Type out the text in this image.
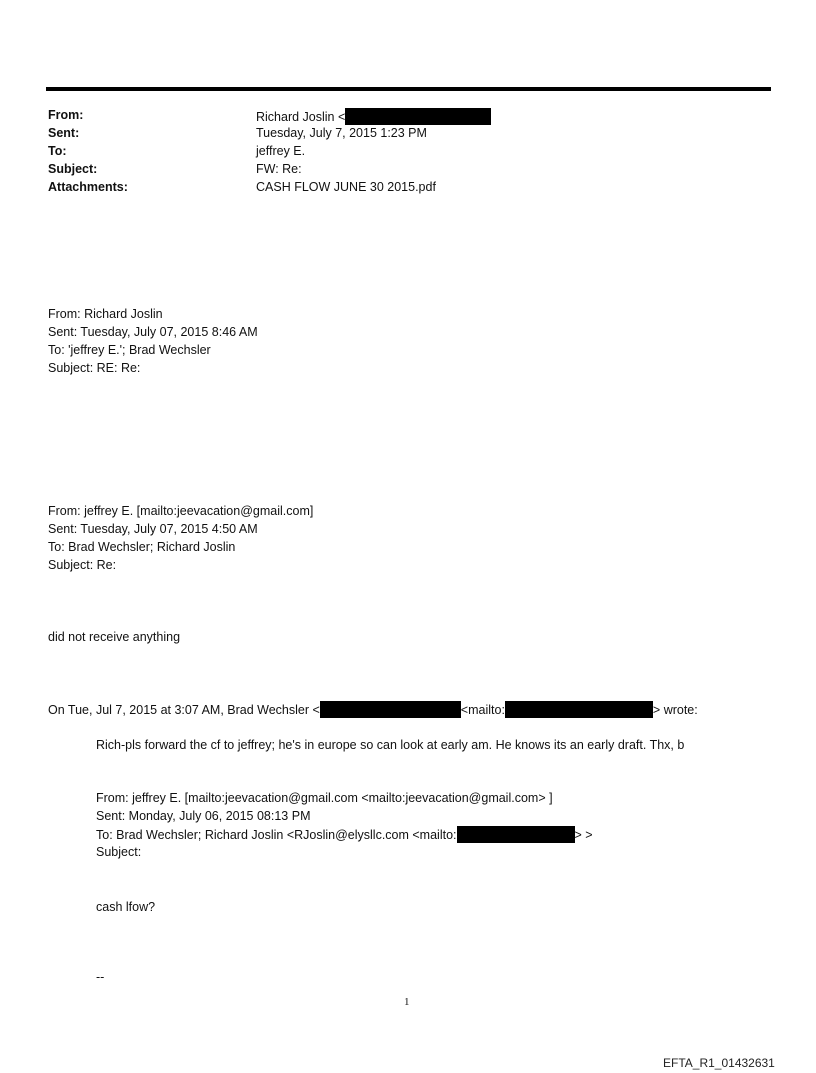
From:	Richard Joslin <
Sent:	Tuesday, July 7, 2015 1:23 PM
To:	jeffrey E.
Subject:	FW: Re:
Attachments:	CASH FLOW JUNE 30 2015.pdf
From: Richard Joslin
Sent: Tuesday, July 07, 2015 8:46 AM
To: 'jeffrey E.'; Brad Wechsler
Subject: RE: Re:
From: jeffrey E. [mailto:jeevacation@gmail.com]
Sent: Tuesday, July 07, 2015 4:50 AM
To: Brad Wechsler; Richard Joslin
Subject: Re:
did not receive anything
On Tue, Jul 7, 2015 at 3:07 AM, Brad Wechsler <	<mailto:	> wrote:
Rich-pls forward the cf to jeffrey; he's in europe so can look at early am. He knows its an early draft. Thx, b
From: jeffrey E. [mailto:jeevacation@gmail.com <mailto:jeevacation@gmail.com> ]
Sent: Monday, July 06, 2015 08:13 PM
To: Brad Wechsler; Richard Joslin <RJoslin@elysllc.com <mailto:	> >
Subject:
cash lfow?
--
1
EFTA_R1_01432631
